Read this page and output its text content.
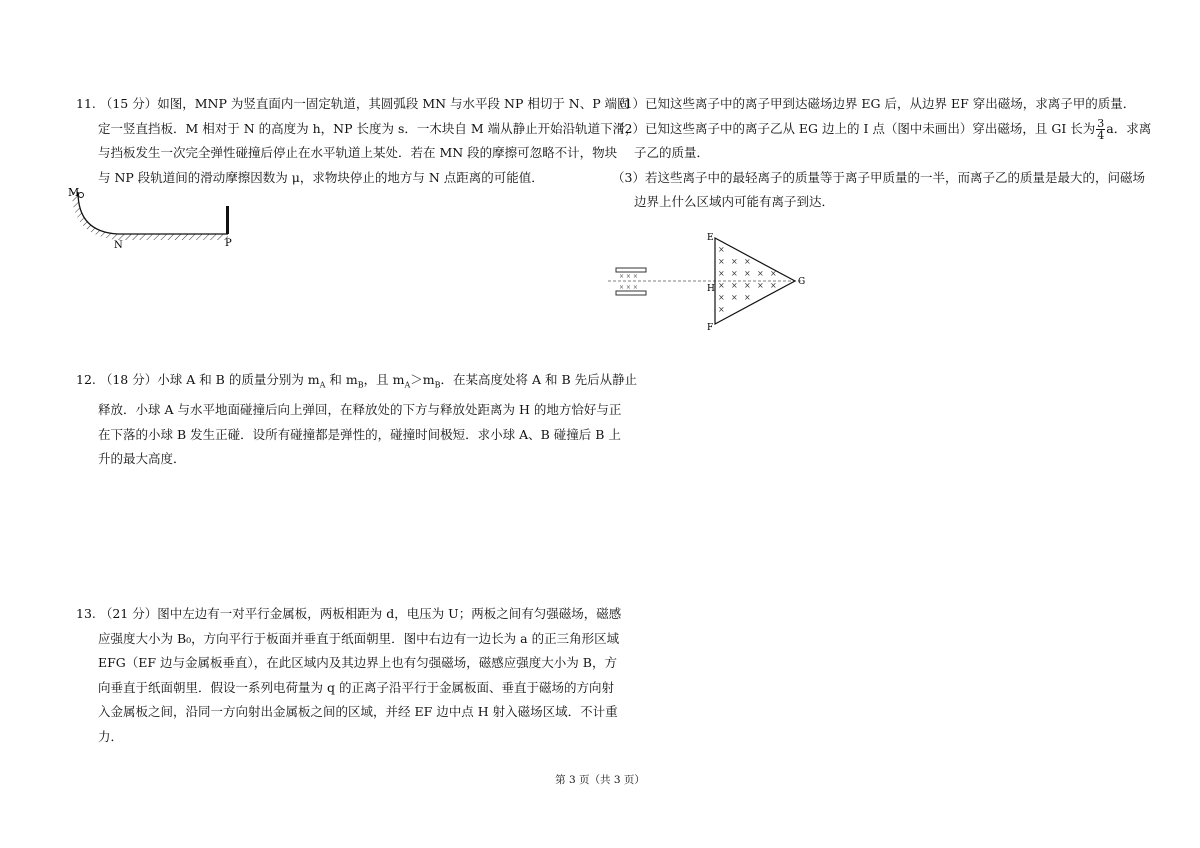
11. （15 分）如图，MNP 为竖直面内一固定轨道，其圆弧段 MN 与水平段 NP 相切于 N、P 端固
定一竖直挡板．M 相对于 N 的高度为 h，NP 长度为 s．一木块自 M 端从静止开始沿轨道下滑，
与挡板发生一次完全弹性碰撞后停止在水平轨道上某处．若在 MN 段的摩擦可忽略不计，物块
与 NP 段轨道间的滑动摩擦因数为 μ，求物块停止的地方与 N 点距离的可能值．
M
N	P
12. （18 分）小球 A 和 B 的质量分别为 $m_A$ 和 $m_B$，且 $m_A>m_B$．在某高度处将 A 和 B 先后从静止
释放．小球 A 与水平地面碰撞后向上弹回，在释放处的下方与释放处距离为 H 的地方恰好与正
在下落的小球 B 发生正碰．设所有碰撞都是弹性的，碰撞时间极短．求小球 A、B 碰撞后 B 上
升的最大高度．
13. （21 分）图中左边有一对平行金属板，两板相距为 d，电压为 U；两板之间有匀强磁场，磁感
应强度大小为 B₀，方向平行于板面并垂直于纸面朝里．图中右边有一边长为 a 的正三角形区域
EFG（EF 边与金属板垂直），在此区域内及其边界上也有匀强磁场，磁感应强度大小为 B，方
向垂直于纸面朝里．假设一系列电荷量为 q 的正离子沿平行于金属板面、垂直于磁场的方向射
入金属板之间，沿同一方向射出金属板之间的区域，并经 EF 边中点 H 射入磁场区域．不计重
力．
（1）已知这些离子中的离子甲到达磁场边界 EG 后，从边界 EF 穿出磁场，求离子甲的质量．
（2）已知这些离子中的离子乙从 EG 边上的 I 点（图中未画出）穿出磁场，且 GI 长为 $\frac{3}{4}$ a．求离
子乙的质量．
（3）若这些离子中的最轻离子的质量等于离子甲质量的一半，而离子乙的质量是最大的，问磁场
边界上什么区域内可能有离子到达．
× × ×
× × ×
×
× × ×
× × × × ×
× × × × ×
× × ×
×
E
H
F
G
第 3 页（共 3 页）
